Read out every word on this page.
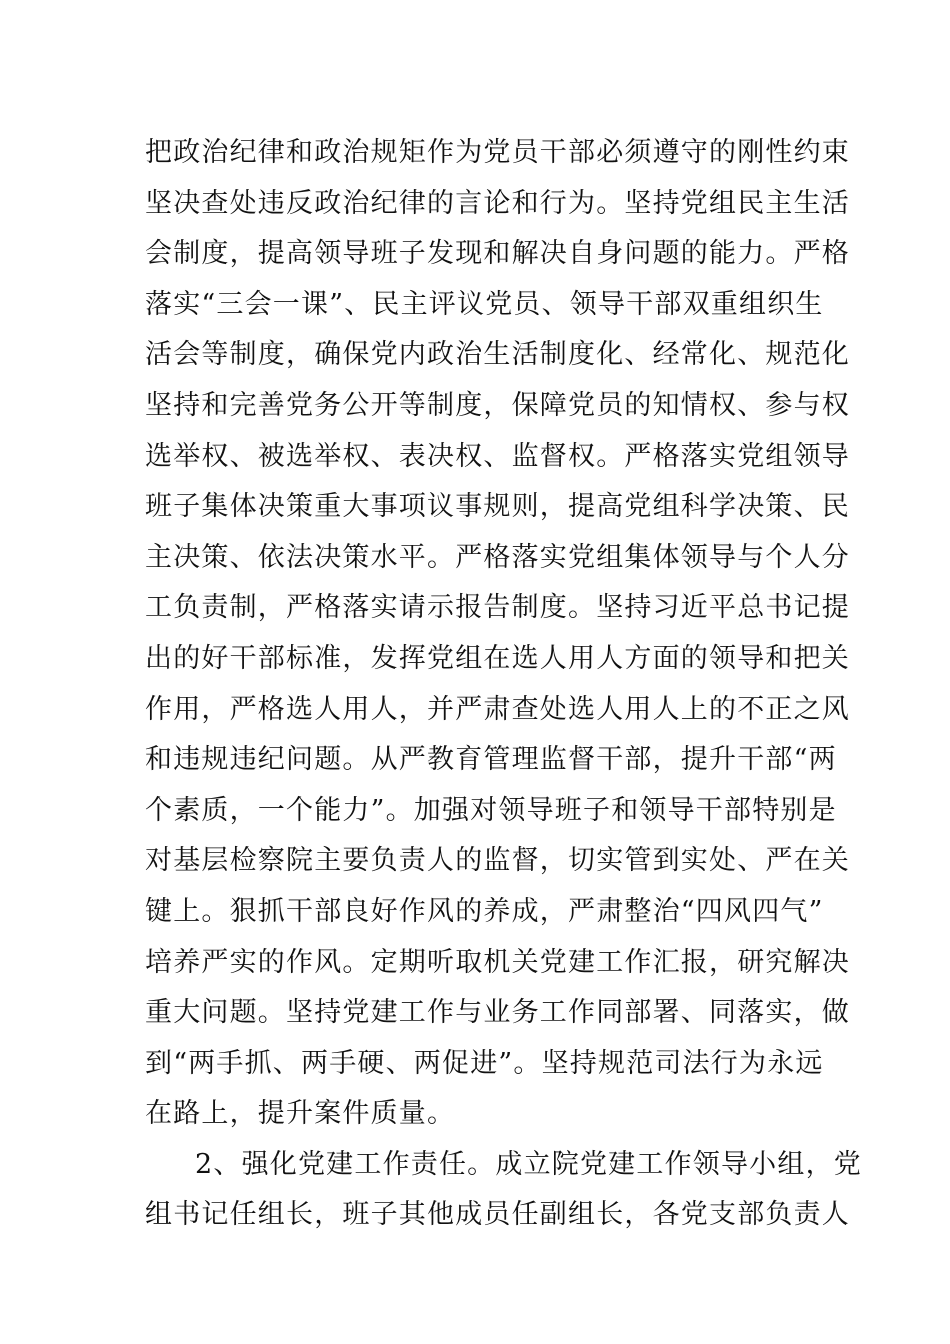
把政治纪律和政治规矩作为党员干部必须遵守的刚性约束
坚决查处违反政治纪律的言论和行为。坚持党组民主生活
会制度，提高领导班子发现和解决自身问题的能力。严格
落实“三会一课”、民主评议党员、领导干部双重组织生
活会等制度，确保党内政治生活制度化、经常化、规范化
坚持和完善党务公开等制度，保障党员的知情权、参与权
选举权、被选举权、表决权、监督权。严格落实党组领导
班子集体决策重大事项议事规则，提高党组科学决策、民
主决策、依法决策水平。严格落实党组集体领导与个人分
工负责制，严格落实请示报告制度。坚持习近平总书记提
出的好干部标准，发挥党组在选人用人方面的领导和把关
作用，严格选人用人，并严肃查处选人用人上的不正之风
和违规违纪问题。从严教育管理监督干部，提升干部“两
个素质，一个能力”。加强对领导班子和领导干部特别是
对基层检察院主要负责人的监督，切实管到实处、严在关
键上。狠抓干部良好作风的养成，严肃整治“四风四气”
培养严实的作风。定期听取机关党建工作汇报，研究解决
重大问题。坚持党建工作与业务工作同部署、同落实，做
到“两手抓、两手硬、两促进”。坚持规范司法行为永远
在路上，提升案件质量。
2、强化党建工作责任。成立院党建工作领导小组，党
组书记任组长，班子其他成员任副组长，各党支部负责人
